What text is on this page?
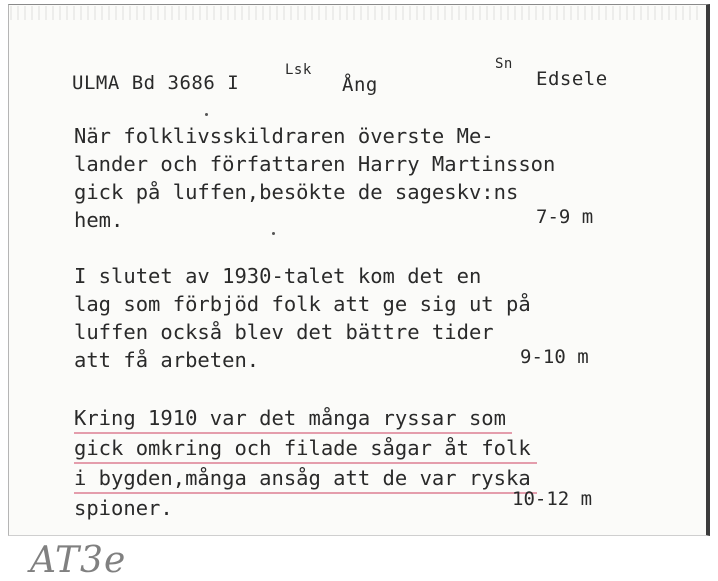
ULMA Bd 3686 I
Lsk
Ång
Sn
Edsele
När folklivsskildraren överste Me-
lander och författaren Harry Martinsson
gick på luffen,besökte de sageskv:ns
hem.	7-9 m
I slutet av 1930-talet kom det en
lag som förbjöd folk att ge sig ut på
luffen också blev det bättre tider
att få arbeten.	9-10 m
Kring 1910 var det många ryssar som
gick omkring och filade sågar åt folk
i bygden,många ansåg att de var ryska
spioner.	10-12 m
AT3e
